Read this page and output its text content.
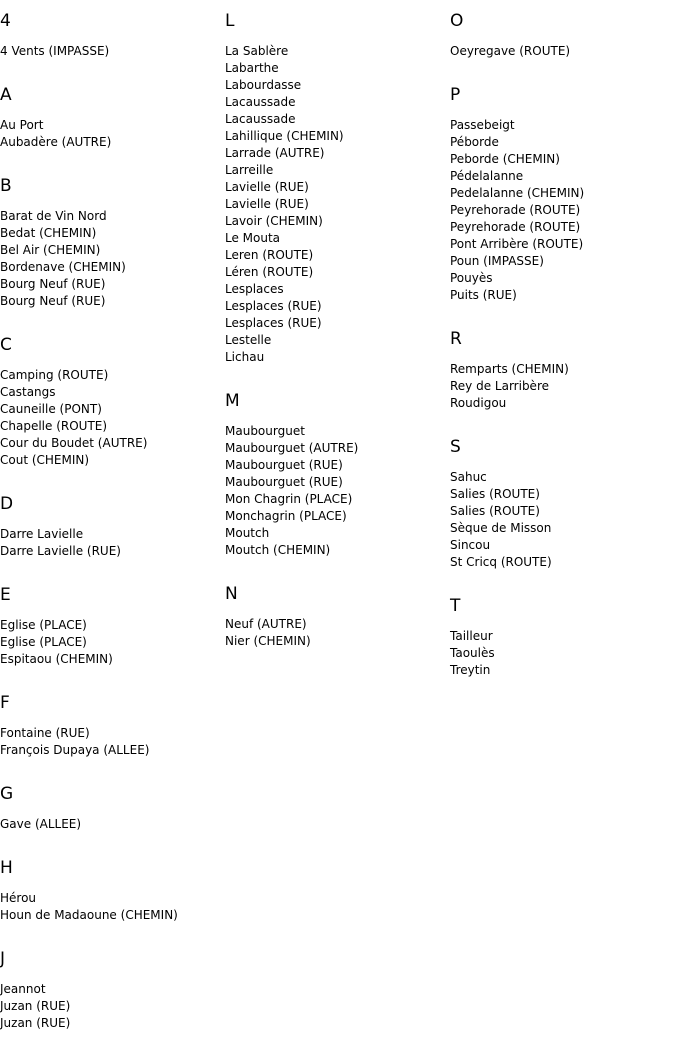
4
4 Vents (IMPASSE)
A
Au Port
Aubadère (AUTRE)
B
Barat de Vin Nord
Bedat (CHEMIN)
Bel Air (CHEMIN)
Bordenave (CHEMIN)
Bourg Neuf (RUE)
Bourg Neuf (RUE)
C
Camping (ROUTE)
Castangs
Cauneille (PONT)
Chapelle (ROUTE)
Cour du Boudet (AUTRE)
Cout (CHEMIN)
D
Darre Lavielle
Darre Lavielle (RUE)
E
Eglise (PLACE)
Eglise (PLACE)
Espitaou (CHEMIN)
F
Fontaine (RUE)
François Dupaya (ALLEE)
G
Gave (ALLEE)
H
Hérou
Houn de Madaoune (CHEMIN)
J
Jeannot
Juzan (RUE)
Juzan (RUE)
L
La Sablère
Labarthe
Labourdasse
Lacaussade
Lacaussade
Lahillique (CHEMIN)
Larrade (AUTRE)
Larreille
Lavielle (RUE)
Lavielle (RUE)
Lavoir (CHEMIN)
Le Mouta
Leren (ROUTE)
Léren (ROUTE)
Lesplaces
Lesplaces (RUE)
Lesplaces (RUE)
Lestelle
Lichau
M
Maubourguet
Maubourguet (AUTRE)
Maubourguet (RUE)
Maubourguet (RUE)
Mon Chagrin (PLACE)
Monchagrin (PLACE)
Moutch
Moutch (CHEMIN)
N
Neuf (AUTRE)
Nier (CHEMIN)
O
Oeyregave (ROUTE)
P
Passebeigt
Péborde
Peborde (CHEMIN)
Pédelalanne
Pedelalanne (CHEMIN)
Peyrehorade (ROUTE)
Peyrehorade (ROUTE)
Pont Arribère (ROUTE)
Poun (IMPASSE)
Pouyès
Puits (RUE)
R
Remparts (CHEMIN)
Rey de Larribère
Roudigou
S
Sahuc
Salies (ROUTE)
Salies (ROUTE)
Sèque de Misson
Sincou
St Cricq (ROUTE)
T
Tailleur
Taoulès
Treytin
